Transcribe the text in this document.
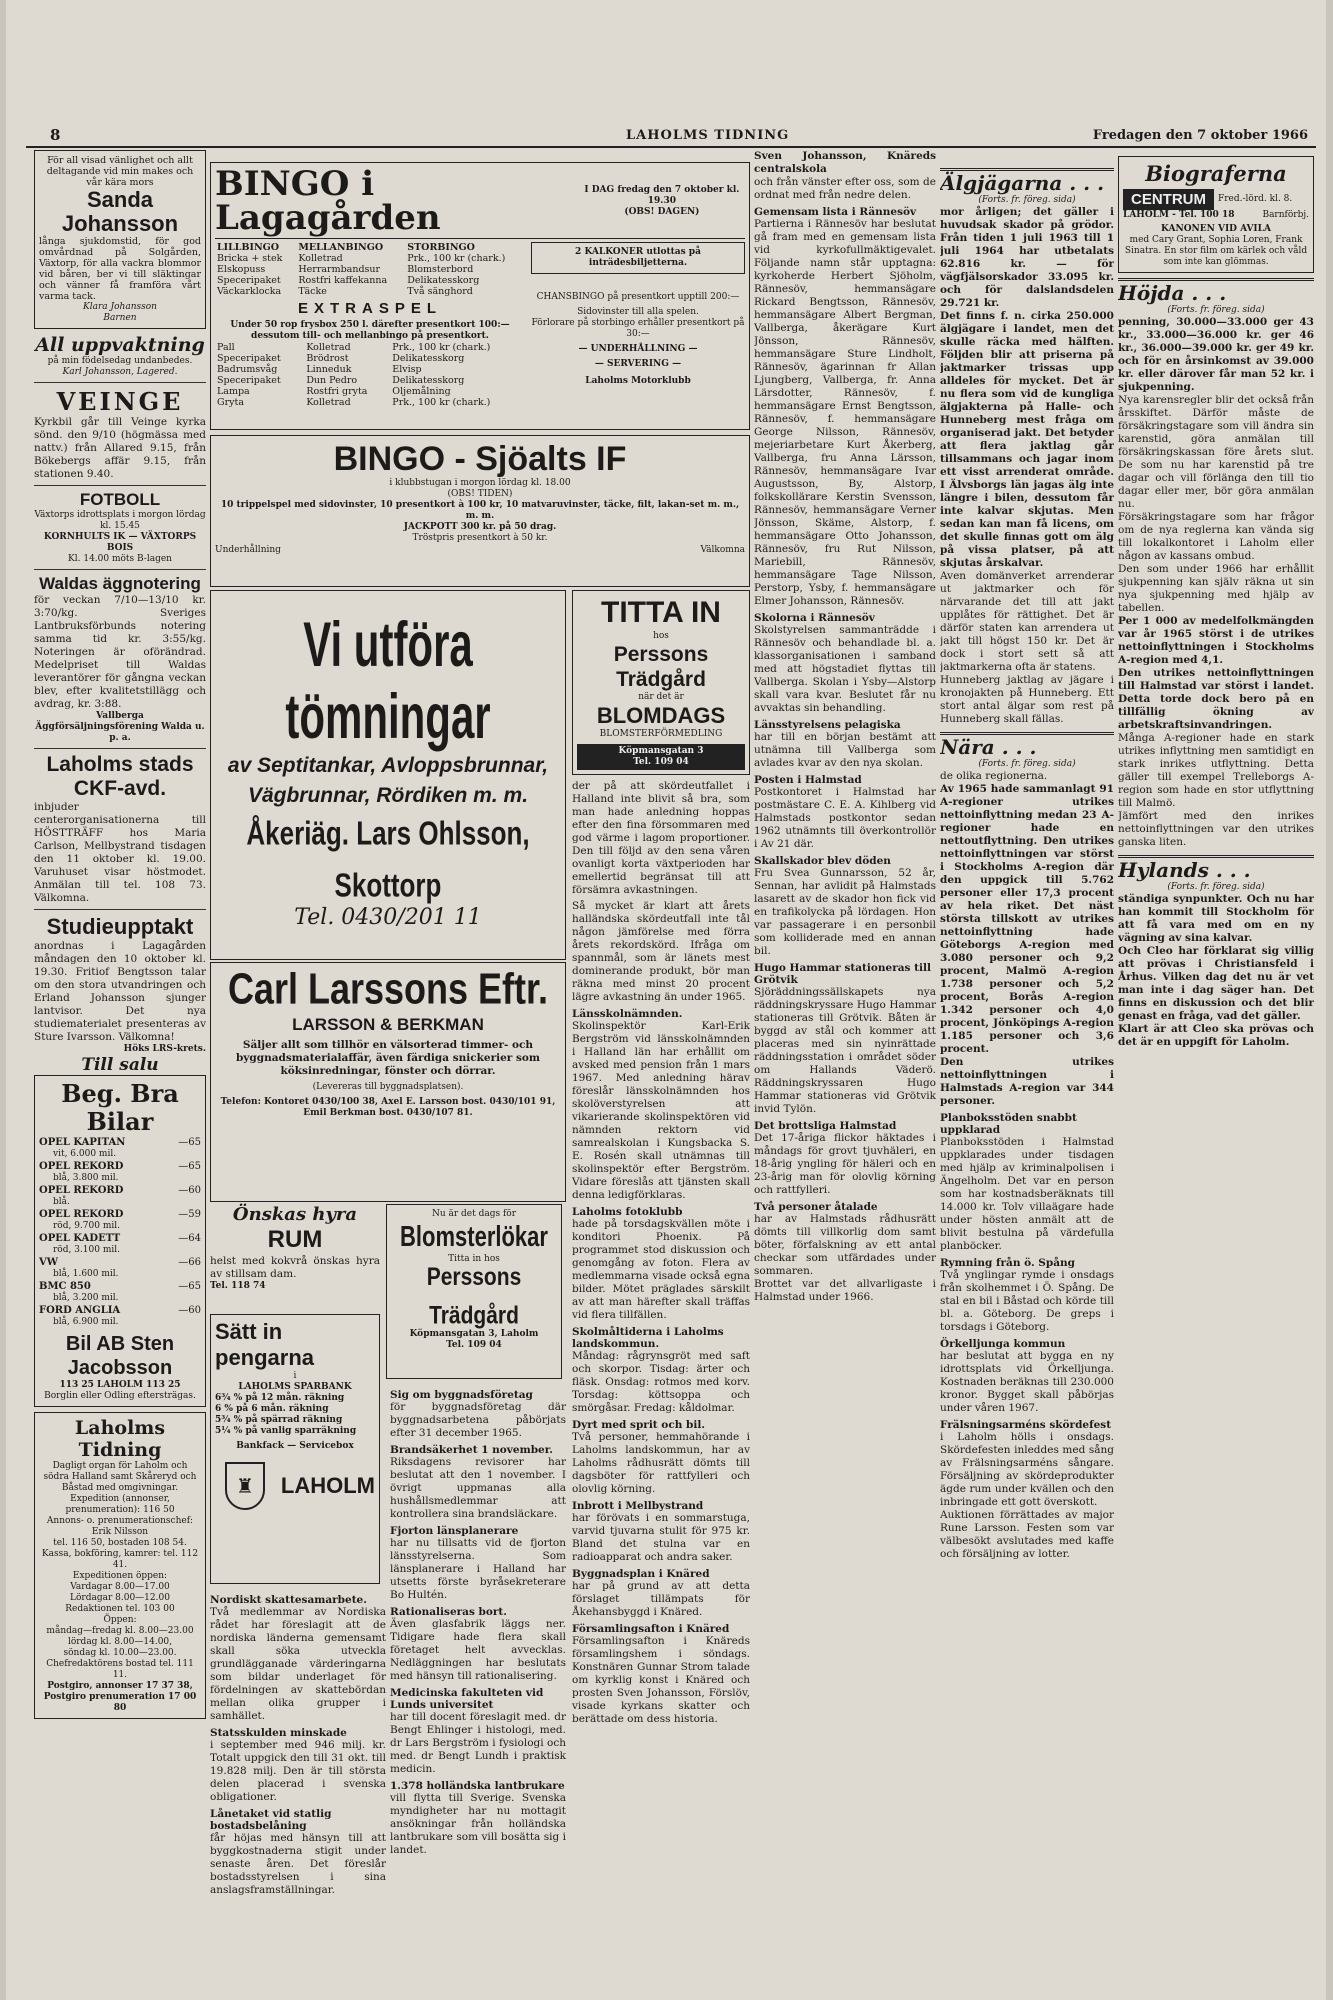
8	LAHOLMS TIDNING	Fredagen den 7 oktober 1966
För all visad vänlighet och allt deltagande vid min makes och vår kära mors
Sanda Johansson
långa sjukdomstid, för god omvårdnad på Solgården, Växtorp, för alla vackra blommor vid båren, ber vi till släktingar och vänner få framföra vårt varma tack.
Klara Johansson
Barnen
All uppvaktning
på min födelsedag undanbedes.
Karl Johansson, Lagered.
VEINGE
Kyrkbil går till Veinge kyrka sönd. den 9/10 (högmässa med nattv.) från Allared 9.15, från Bökebergs affär 9.15, från stationen 9.40.
FOTBOLL
Växtorps idrottsplats i morgon lördag kl. 15.45
KORNHULTS IK — VÄXTORPS BOIS
Kl. 14.00 möts B-lagen
Waldas äggnotering
för veckan 7/10—13/10 kr. 3:70/kg. Sveriges Lantbruksförbunds notering samma tid kr. 3:55/kg. Noteringen är oförändrad. Medelpriset till Waldas leverantörer för gångna veckan blev, efter kvalitetstillägg och avdrag, kr. 3:88.
Vallberga Äggförsäljningsförening Walda u. p. a.
Laholms stads CKF-avd.
inbjuder centerorganisationerna till HÖSTTRÄFF hos Maria Carlson, Mellbystrand tisdagen den 11 oktober kl. 19.00. Varuhuset visar höstmodet. Anmälan till tel. 108 73. Välkomna.
Studieupptakt
anordnas i Lagagården måndagen den 10 oktober kl. 19.30. Fritiof Bengtsson talar om den stora utvandringen och Erland Johansson sjunger lantvisor. Det nya studiematerialet presenteras av Sture Ivarsson. Välkomna!
Höks LRS-krets.
Till salu
Beg. Bra Bilar
OPEL KAPITAN	—65
vit, 6.000 mil.
OPEL REKORD	—65
blå, 3.800 mil.
OPEL REKORD	—60
blå.
OPEL REKORD	—59
röd, 9.700 mil.
OPEL KADETT	—64
röd, 3.100 mil.
VW	—66
blå, 1.600 mil.
BMC 850	—65
blå, 3.200 mil.
FORD ANGLIA	—60
blå, 6.900 mil.
Bil AB Sten Jacobsson
113 25 LAHOLM 113 25
Borglin eller Odling eftersträgas.
Laholms Tidning
Dagligt organ för Laholm och södra Halland samt Skåreryd och Båstad med omgivningar.
Expedition (annonser, prenumeration): 116 50
Annons- o. prenumerationschef: Erik Nilsson
tel. 116 50, bostaden 108 54.
Kassa, bokföring, kamrer: tel. 112 41.
Expeditionen öppen:
Vardagar 8.00—17.00
Lördagar 8.00—12.00
Redaktionen tel. 103 00
Öppen:
måndag—fredag kl. 8.00—23.00
lördag kl. 8.00—14.00,
söndag kl. 10.00—23.00.
Chefredaktörens bostad tel. 111 11.
Postgiro, annonser 17 37 38, Postgiro prenumeration 17 00 80
BINGO i Lagagården
I DAG fredag den 7 oktober kl. 19.30
(OBS! DAGEN)
LILLBINGO	MELLANBINGO	STORBINGO
Bricka + stek	Kolletrad	Prk., 100 kr (chark.)
Elskopuss	Herrarmbandsur	Blomsterbord
Speceripaket	Rostfri kaffekanna	Delikatesskorg
Väckarklocka	Täcke	Två sänghord
EXTRASPEL
Under 50 rop frysbox 250 l. därefter presentkort 100:— dessutom till- och mellanbingo på presentkort.
Pall	Kolletrad	Prk., 100 kr (chark.)
Speceripaket	Brödrost	Delikatesskorg
Badrumsvåg	Linneduk	Elvisp
Speceripaket	Dun Pedro	Delikatesskorg
Lampa	Rostfri gryta	Oljemålning
Gryta	Kolletrad	Prk., 100 kr (chark.)
2 KALKONER utlottas på inträdesbiljetterna.
CHANSBINGO på presentkort upptill 200:—
Sidovinster till alla spelen.
Förlorare på storbingo erhåller presentkort på 30:—
— UNDERHÅLLNING —
— SERVERING —
Laholms Motorklubb
BINGO - Sjöalts IF
i klubbstugan i morgon lördag kl. 18.00
(OBS! TIDEN)
10 trippelspel med sidovinster, 10 presentkort à 100 kr, 10 matvaruvinster, täcke, filt, lakan-set m. m., m. m.
JACKPOTT 300 kr. på 50 drag.
Tröstpris presentkort à 50 kr.
Underhållning	Välkomna
Vi utföra tömningar
av Septitankar, Avloppsbrunnar, Vägbrunnar, Rördiken m. m.
Åkeriäg. Lars Ohlsson, Skottorp
Tel. 0430/201 11
TITTA IN
hos
Perssons Trädgård
när det är
BLOMDAGS
BLOMSTERFÖRMEDLING
Köpmansgatan 3
Tel. 109 04
Carl Larssons Eftr.
LARSSON & BERKMAN
Säljer allt som tillhör en välsorterad timmer- och byggnadsmaterialaffär, även färdiga snickerier som köksinredningar, fönster och dörrar.
(Levereras till byggnadsplatsen).
Telefon: Kontoret 0430/100 38, Axel E. Larsson bost. 0430/101 91, Emil Berkman bost. 0430/107 81.
Önskas hyra
RUM
helst med kokvrå önskas hyra av stillsam dam.
Tel. 118 74
Nu är det dags för
Blomsterlökar
Titta in hos
Perssons Trädgård
Köpmansgatan 3, Laholm
Tel. 109 04
Sätt in pengarna
i
LAHOLMS SPARBANK
6¾ % på 12 mån. räkning
6 % på 6 mån. räkning
5¾ % på spärrad räkning
5¼ % på vanlig sparräkning
Bankfack — Servicebox
♜	LAHOLM
Nordiskt skattesamarbete.
Två medlemmar av Nordiska rådet har föreslagit att de nordiska länderna gemensamt skall söka utveckla grundlägganade värderingarna som bildar underlaget för fördelningen av skattebördan mellan olika grupper i samhället.
Statsskulden minskade
i september med 946 milj. kr. Totalt uppgick den till 31 okt. till 19.828 milj. Den är till största delen placerad i svenska obligationer.
Lånetaket vid statlig bostadsbelåning
får höjas med hänsyn till att byggkostnaderna stigit under senaste åren. Det föreslår bostadsstyrelsen i sina anslagsframställningar.
Sig om byggnadsföretag
för byggnadsföretag där byggnadsarbetena påbörjats efter 31 december 1965.
Brandsäkerhet 1 november.
Riksdagens revisorer har beslutat att den 1 november. I övrigt uppmanas alla hushållsmedlemmar att kontrollera sina brandsläckare.
Fjorton länsplanerare
har nu tillsatts vid de fjorton länsstyrelserna. Som länsplanerare i Halland har utsetts förste byråsekreterare Bo Hultén.
Rationaliseras bort.
Även glasfabrik läggs ner. Tidigare hade flera skall företaget helt avvecklas. Nedläggningen har beslutats med hänsyn till rationalisering.
Medicinska fakulteten vid Lunds universitet
har till docent föreslagit med. dr Bengt Ehlinger i histologi, med. dr Lars Bergström i fysiologi och med. dr Bengt Lundh i praktisk medicin.
1.378 holländska lantbrukare
vill flytta till Sverige. Svenska myndigheter har nu mottagit ansökningar från holländska lantbrukare som vill bosätta sig i landet.
der på att skördeutfallet i Halland inte blivit så bra, som man hade anledning hoppas efter den fina försommaren med god värme i lagom proportioner. Den till följd av den sena våren ovanligt korta växtperioden har emellertid begränsat till att försämra avkastningen.
Så mycket är klart att årets halländska skördeutfall inte tål någon jämförelse med förra årets rekordskörd. Ifråga om spannmål, som är länets mest dominerande produkt, bör man räkna med minst 20 procent lägre avkastning än under 1965.
Länsskolnämnden.
Skolinspektör Karl-Erik Bergström vid länsskolnämnden i Halland län har erhållit om avsked med pension från 1 mars 1967. Med anledning härav föreslår länsskolnämnden hos skolöverstyrelsen att vikarierande skolinspektören vid nämnden rektorn vid samrealskolan i Kungsbacka S. E. Rosén skall utnämnas till skolinspektör efter Bergström. Vidare föreslås att tjänsten skall denna ledigförklaras.
Laholms fotoklubb
hade på torsdagskvällen möte i konditori Phoenix. På programmet stod diskussion och genomgång av foton. Flera av medlemmarna visade också egna bilder. Mötet präglades särskilt av att man härefter skall träffas vid flera tillfällen.
Skolmåltiderna i Laholms landskommun.
Måndag: rågrynsgröt med saft och skorpor. Tisdag: ärter och fläsk. Onsdag: rotmos med korv. Torsdag: köttsoppa och smörgåsar. Fredag: kåldolmar.
Dyrt med sprit och bil.
Två personer, hemmahörande i Laholms landskommun, har av Laholms rådhusrätt dömts till dagsböter för rattfylleri och olovlig körning.
Inbrott i Mellbystrand
har förövats i en sommarstuga, varvid tjuvarna stulit för 975 kr. Bland det stulna var en radioapparat och andra saker.
Byggnadsplan i Knäred
har på grund av att detta förslaget tillämpats för Åkehansbyggd i Knäred.
Församlingsafton i Knäred
Församlingsafton i Knäreds församlingshem i söndags. Konstnären Gunnar Strom talade om kyrklig konst i Knäred och prosten Sven Johansson, Förslöv, visade kyrkans skatter och berättade om dess historia.
Sven Johansson, Knäreds centralskola
och från vänster efter oss, som de ordnat med från nedre delen.
Gemensam lista i Rännesöv
Partierna i Rännesöv har beslutat gå fram med en gemensam lista vid kyrkofullmäktigevalet. Följande namn står upptagna: kyrkoherde Herbert Sjöholm, Rännesöv, hemmansägare Rickard Bengtsson, Rännesöv, hemmansägare Albert Bergman, Vallberga, åkerägare Kurt Jönsson, Rännesöv, hemmansägare Sture Lindholt, Rännesöv, ägarinnan fr Allan Ljungberg, Vallberga, fr. Anna Lärsdotter, Rännesöv, f. hemmansägare Ernst Bengtsson, Rännesöv, f. hemmansägare George Nilsson, Rännesöv, mejeriarbetare Kurt Åkerberg, Vallberga, fru Anna Lärsson, Rännesöv, hemmansägare Ivar Augustsson, By, Alstorp, folkskollärare Kerstin Svensson, Rännesöv, hemmansägare Verner Jönsson, Skäme, Alstorp, f. hemmansägare Otto Johansson, Rännesöv, fru Rut Nilsson, Mariebill, Rännesöv, hemmansägare Tage Nilsson, Perstorp, Ysby, f. hemmansägare Elmer Johansson, Rännesöv.
Skolorna i Rännesöv
Skolstyrelsen sammanträdde i Rännesöv och behandlade bl. a. klassorganisationen i samband med att högstadiet flyttas till Vallberga. Skolan i Ysby—Alstorp skall vara kvar. Beslutet får nu avvaktas sin behandling.
Länsstyrelsens pelagiska
har till en början bestämt att utnämna till Vallberga som avlades kvar av den nya skolan.
Posten i Halmstad
Postkontoret i Halmstad har postmästare C. E. A. Kihlberg vid Halmstads postkontor sedan 1962 utnämnts till överkontrollör i Av 21 där.
Skallskador blev döden
Fru Svea Gunnarsson, 52 år, Sennan, har avlidit på Halmstads lasarett av de skador hon fick vid en trafikolycka på lördagen. Hon var passagerare i en personbil som kolliderade med en annan bil.
Hugo Hammar stationeras till Grötvik
Sjöräddningssällskapets nya räddningskryssare Hugo Hammar stationeras till Grötvik. Båten är byggd av stål och kommer att placeras med sin nyinrättade räddningsstation i området söder om Hallands Väderö. Räddningskryssaren Hugo Hammar stationeras vid Grötvik invid Tylön.
Det brottsliga Halmstad
Det 17-åriga flickor häktades i måndags för grovt tjuvhäleri, en 18-årig yngling för häleri och en 23-årig man för olovlig körning och rattfylleri.
Två personer åtalade
har av Halmstads rådhusrätt dömts till villkorlig dom samt böter, förfalskning av ett antal checkar som utfärdades under sommaren.
Brottet var det allvarligaste i Halmstad under 1966.
Älgjägarna . . .
(Forts. fr. föreg. sida)
mor årligen; det gäller i huvudsak skador på grödor. Från tiden 1 juli 1963 till 1 juli 1964 har utbetalats 62.816 kr. — för vägfjälsorskador 33.095 kr. och för dalslandsdelen 29.721 kr.
Det finns f. n. cirka 250.000 älgjägare i landet, men det skulle räcka med hälften. Följden blir att priserna på jaktmarker trissas upp alldeles för mycket. Det är nu flera som vid de kungliga älgjakterna på Halle- och Hunneberg mest fråga om organiserad jakt. Det betyder att flera jaktlag går tillsammans och jagar inom ett visst arrenderat område. I Älvsborgs län jagas älg inte längre i bilen, dessutom får inte kalvar skjutas. Men sedan kan man få licens, om det skulle finnas gott om älg på vissa platser, på att skjutas årskalvar.
Aven domänverket arrenderar ut jaktmarker och för närvarande det till att jakt upplåtes för rättighet. Det är därför staten kan arrendera ut jakt till högst 150 kr. Det är dock i stort sett så att jaktmarkerna ofta är statens.
Hunneberg jaktlag av jägare i kronojakten på Hunneberg. Ett stort antal älgar som rest på Hunneberg skall fällas.
Nära . . .
(Forts. fr. föreg. sida)
de olika regionerna.
Av 1965 hade sammanlagt 91 A-regioner utrikes nettoinflyttning medan 23 A-regioner hade en nettoutflyttning. Den utrikes nettoinflyttningen var störst i Stockholms A-region där den uppgick till 5.762 personer eller 17,3 procent av hela riket. Det näst största tillskott av utrikes nettoinflyttning hade Göteborgs A-region med 3.080 personer och 9,2 procent, Malmö A-region 1.738 personer och 5,2 procent, Borås A-region 1.342 personer och 4,0 procent, Jönköpings A-region 1.185 personer och 3,6 procent.
Den utrikes nettoinflyttningen i Halmstads A-region var 344 personer.
Planboksstöden snabbt uppklarad
Planboksstöden i Halmstad uppklarades under tisdagen med hjälp av kriminalpolisen i Ängelholm. Det var en person som har kostnadsberäknats till 14.000 kr. Tolv villaägare hade under hösten anmält att de blivit bestulna på värdefulla planböcker.
Rymning från ö. Spång
Två ynglingar rymde i onsdags från skolhemmet i Ö. Spång. De stal en bil i Båstad och körde till bl. a. Göteborg. De greps i torsdags i Göteborg.
Örkelljunga kommun
har beslutat att bygga en ny idrottsplats vid Örkelljunga. Kostnaden beräknas till 230.000 kronor. Bygget skall påbörjas under våren 1967.
Frälsningsarméns skördefest
i Laholm hölls i onsdags. Skördefesten inleddes med sång av Frälsningsarméns sångare. Försäljning av skördeprodukter ägde rum under kvällen och den inbringade ett gott överskott.
Auktionen förrättades av major Rune Larsson. Festen som var välbesökt avslutades med kaffe och försäljning av lotter.
Biograferna
CENTRUM	Fred.-lörd. kl. 8.
LAHOLM - Tel. 100 18	Barnförbj.
KANONEN VID AVILA
med Cary Grant, Sophia Loren, Frank Sinatra. En stor film om kärlek och våld som inte kan glömmas.
Höjda . . .
(Forts. fr. föreg. sida)
penning, 30.000—33.000 ger 43 kr., 33.000—36.000 kr. ger 46 kr., 36.000—39.000 kr. ger 49 kr. och för en årsinkomst av 39.000 kr. eller därover får man 52 kr. i sjukpenning.
Nya karensregler blir det också från årsskiftet. Därför måste de försäkringstagare som vill ändra sin karenstid, göra anmälan till försäkringskassan före årets slut. De som nu har karenstid på tre dagar och vill förlänga den till tio dagar eller mer, bör göra anmälan nu.
Försäkringstagare som har frågor om de nya reglerna kan vända sig till lokalkontoret i Laholm eller någon av kassans ombud.
Den som under 1966 har erhållit sjukpenning kan själv räkna ut sin nya sjukpenning med hjälp av tabellen.
Per 1 000 av medelfolkmängden var år 1965 störst i de utrikes nettoinflyttningen i Stockholms A-region med 4,1.
Den utrikes nettoinflyttningen till Halmstad var störst i landet. Detta torde dock bero på en tillfällig ökning av arbetskraftsinvandringen.
Många A-regioner hade en stark utrikes inflyttning men samtidigt en stark inrikes utflyttning. Detta gäller till exempel Trelleborgs A-region som hade en stor utflyttning till Malmö.
Jämfört med den inrikes nettoinflyttningen var den utrikes ganska liten.
Hylands . . .
(Forts. fr. föreg. sida)
ständiga synpunkter. Och nu har han kommit till Stockholm för att få vara med om en ny vägning av sina kalvar.
Och Cleo har förklarat sig villig att prövas i Christiansfeld i Århus. Vilken dag det nu är vet man inte i dag säger han. Det finns en diskussion och det blir genast en fråga, vad det gäller.
Klart är att Cleo ska prövas och det är en uppgift för Laholm.
